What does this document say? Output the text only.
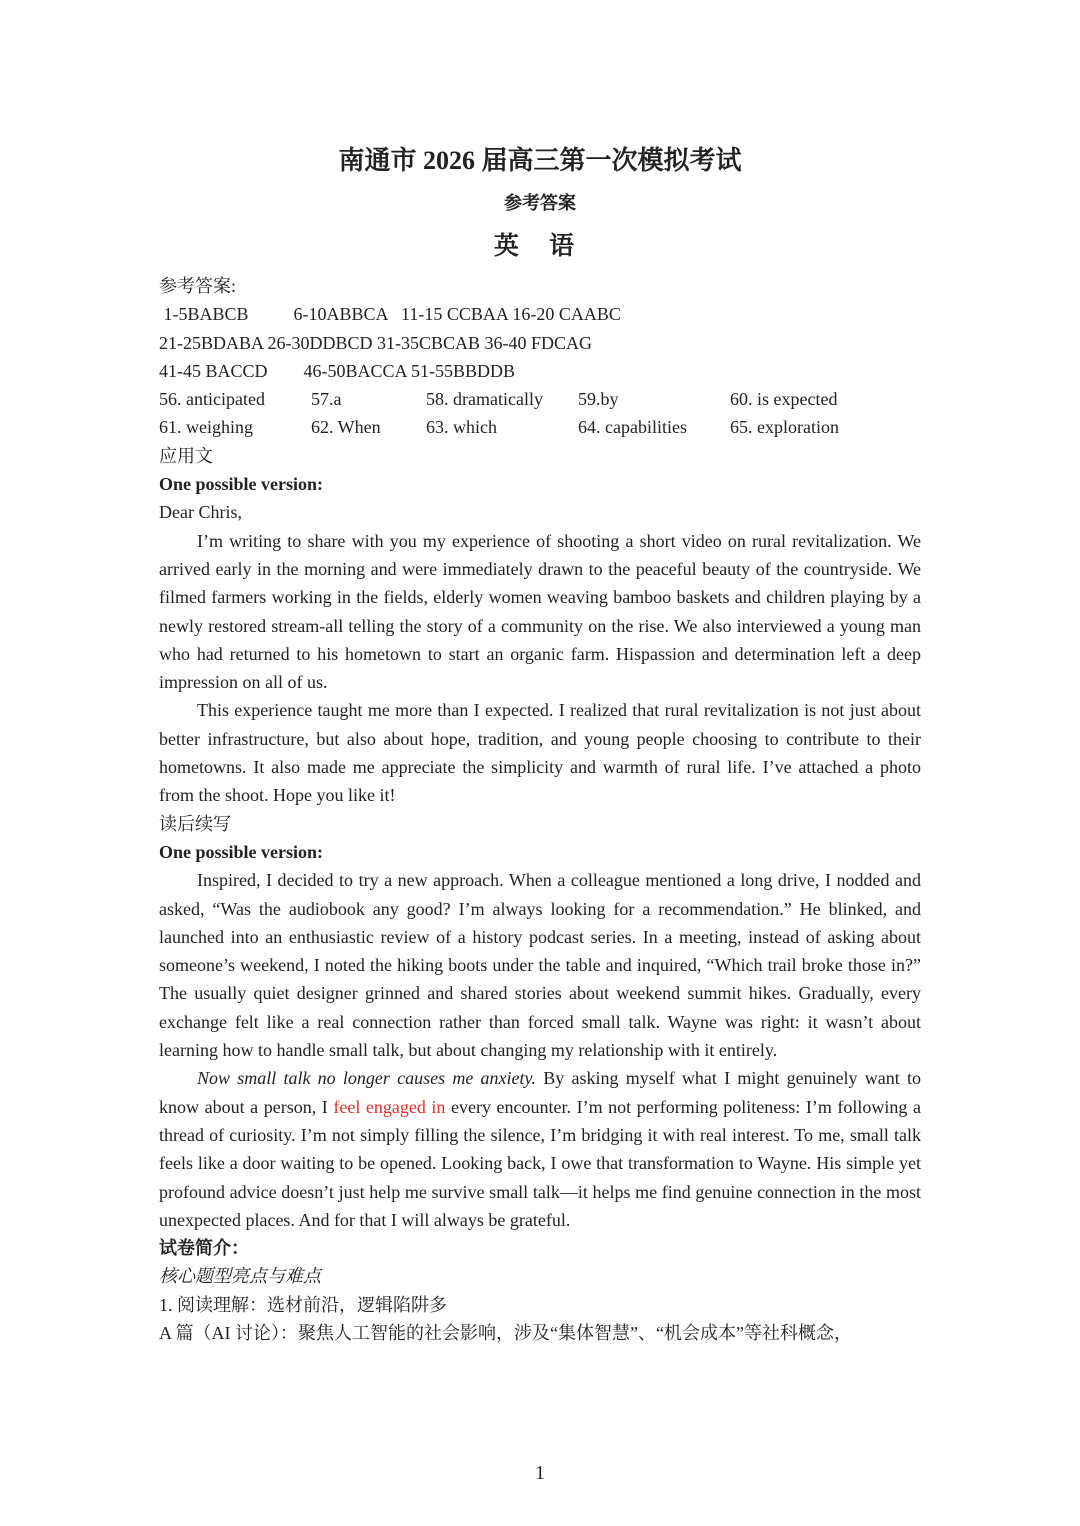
南通市 2026 届高三第一次模拟考试
参考答案
英 语
参考答案:
1-5BABCB          6-10ABBCA   11-15 CCBAA 16-20 CAABC
21-25BDABA 26-30DDBCD 31-35CBCAB 36-40 FDCAG
41-45 BACCD        46-50BACCA 51-55BBDDB
56. anticipated	57.a	58. dramatically	59.by	60. is expected
61. weighing	62. When	63. which	64. capabilities	65. exploration
应用文
One possible version:
Dear Chris,

I’m writing to share with you my experience of shooting a short video on rural revitalization. We arrived early in the morning and were immediately drawn to the peaceful beauty of the countryside. We filmed farmers working in the fields, elderly women weaving bamboo baskets and children playing by a newly restored stream-all telling the story of a community on the rise. We also interviewed a young man who had returned to his hometown to start an organic farm. Hispassion and determination left a deep impression on all of us.

This experience taught me more than I expected. I realized that rural revitalization is not just about better infrastructure, but also about hope, tradition, and young people choosing to contribute to their hometowns. It also made me appreciate the simplicity and warmth of rural life. I’ve attached a photo from the shoot. Hope you like it!

读后续写
One possible version:

Inspired, I decided to try a new approach. When a colleague mentioned a long drive, I nodded and asked, “Was the audiobook any good? I’m always looking for a recommendation.” He blinked, and launched into an enthusiastic review of a history podcast series. In a meeting, instead of asking about someone’s weekend, I noted the hiking boots under the table and inquired, “Which trail broke those in?” The usually quiet designer grinned and shared stories about weekend summit hikes. Gradually, every exchange felt like a real connection rather than forced small talk. Wayne was right: it wasn’t about learning how to handle small talk, but about changing my relationship with it entirely.

Now small talk no longer causes me anxiety. By asking myself what I might genuinely want to know about a person, I feel engaged in every encounter. I’m not performing politeness: I’m following a thread of curiosity. I’m not simply filling the silence, I’m bridging it with real interest. To me, small talk feels like a door waiting to be opened. Looking back, I owe that transformation to Wayne. His simple yet profound advice doesn’t just help me survive small talk—it helps me find genuine connection in the most unexpected places. And for that I will always be grateful.

试卷简介：
核心题型亮点与难点
1. 阅读理解：选材前沿，逻辑陷阱多
A 篇（AI 讨论）：聚焦人工智能的社会影响，涉及“集体智慧”、“机会成本”等社科概念，
1
